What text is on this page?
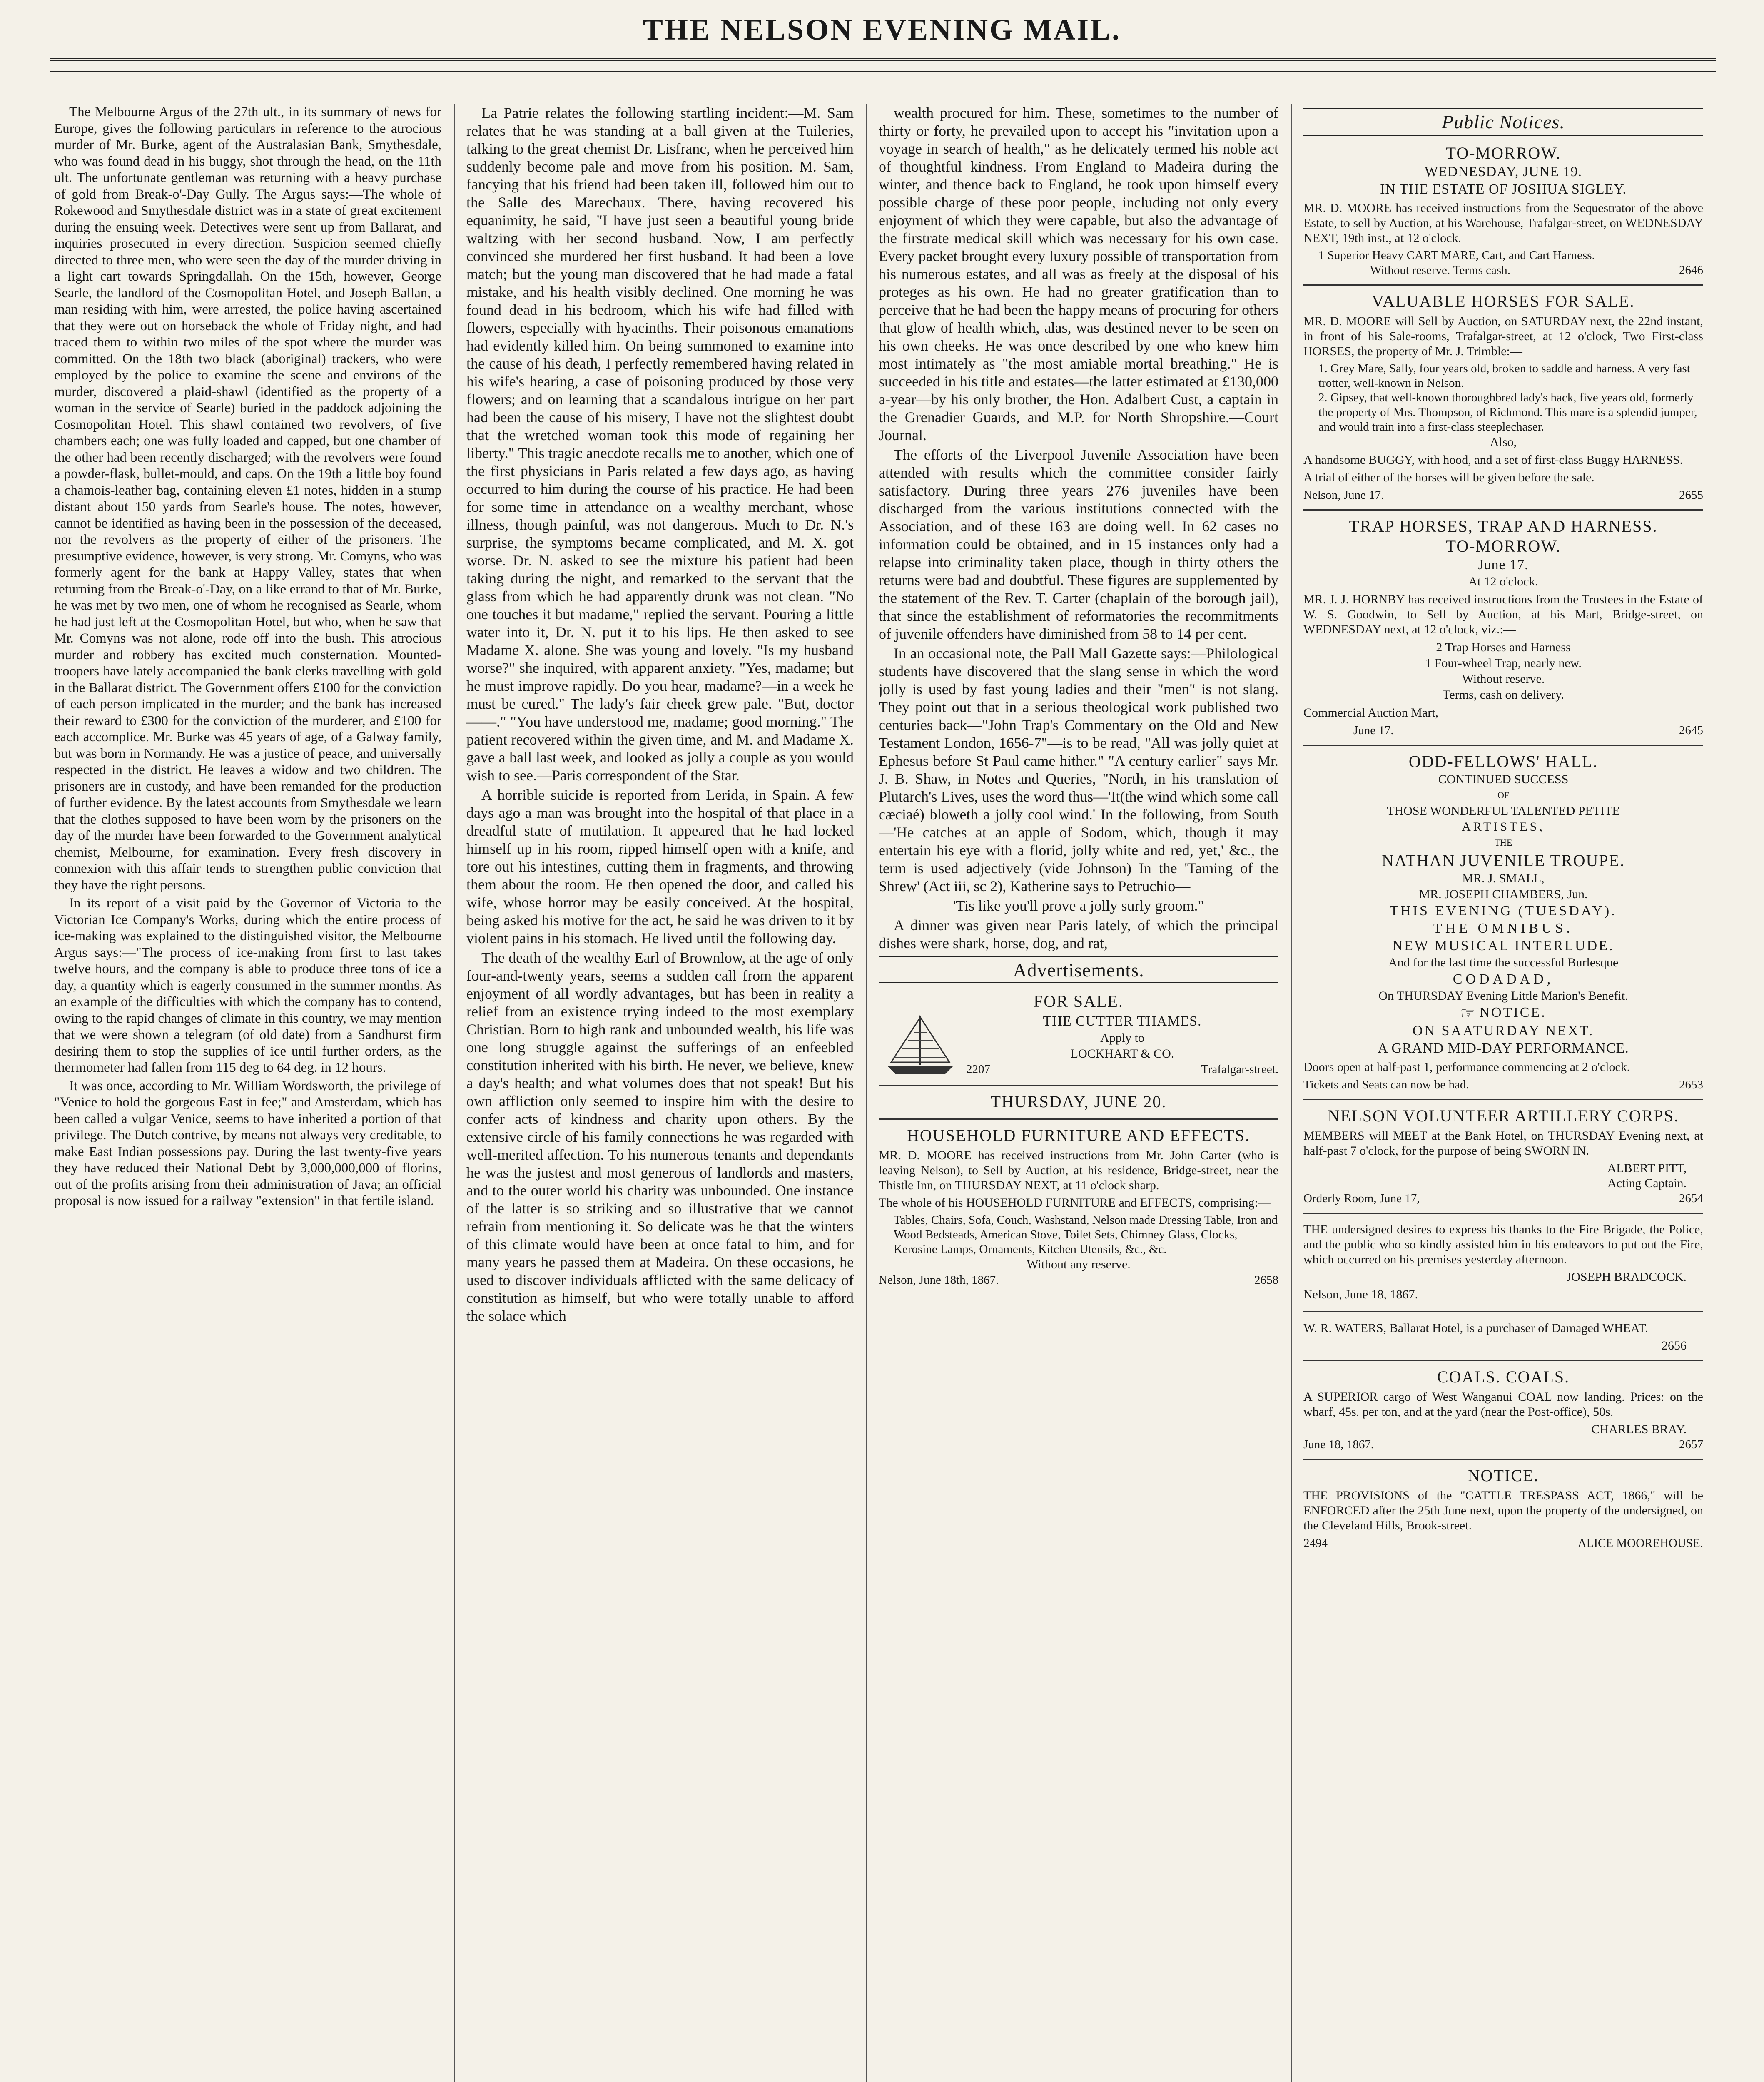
THE NELSON EVENING MAIL.

The Melbourne Argus of the 27th ult., in its summary of news for Europe, gives the following particulars in reference to the atrocious murder of Mr. Burke, agent of the Australasian Bank, Smythesdale, who was found dead in his buggy, shot through the head, on the 11th ult. The unfortunate gentleman was returning with a heavy purchase of gold from Break-o'-Day Gully. The Argus says:—The whole of Rokewood and Smythesdale district was in a state of great excitement during the ensuing week. Detectives were sent up from Ballarat, and inquiries prosecuted in every direction. Suspicion seemed chiefly directed to three men, who were seen the day of the murder driving in a light cart towards Springdallah. On the 15th, however, George Searle, the landlord of the Cosmopolitan Hotel, and Joseph Ballan, a man residing with him, were arrested, the police having ascertained that they were out on horseback the whole of Friday night, and had traced them to within two miles of the spot where the murder was committed. On the 18th two black (aboriginal) trackers, who were employed by the police to examine the scene and environs of the murder, discovered a plaid-shawl (identified as the property of a woman in the service of Searle) buried in the paddock adjoining the Cosmopolitan Hotel. This shawl contained two revolvers, of five chambers each; one was fully loaded and capped, but one chamber of the other had been recently discharged; with the revolvers were found a powder-flask, bullet-mould, and caps. On the 19th a little boy found a chamois-leather bag, containing eleven £1 notes, hidden in a stump distant about 150 yards from Searle's house. The notes, however, cannot be identified as having been in the possession of the deceased, nor the revolvers as the property of either of the prisoners. The presumptive evidence, however, is very strong. Mr. Comyns, who was formerly agent for the bank at Happy Valley, states that when returning from the Break-o'-Day, on a like errand to that of Mr. Burke, he was met by two men, one of whom he recognised as Searle, whom he had just left at the Cosmopolitan Hotel, but who, when he saw that Mr. Comyns was not alone, rode off into the bush. This atrocious murder and robbery has excited much consternation. Mounted-troopers have lately accompanied the bank clerks travelling with gold in the Ballarat district. The Government offers £100 for the conviction of each person implicated in the murder; and the bank has increased their reward to £300 for the conviction of the murderer, and £100 for each accomplice. Mr. Burke was 45 years of age, of a Galway family, but was born in Normandy. He was a justice of peace, and universally respected in the district. He leaves a widow and two children. The prisoners are in custody, and have been remanded for the production of further evidence. By the latest accounts from Smythesdale we learn that the clothes supposed to have been worn by the prisoners on the day of the murder have been forwarded to the Government analytical chemist, Melbourne, for examination. Every fresh discovery in connexion with this affair tends to strengthen public conviction that they have the right persons.

In its report of a visit paid by the Governor of Victoria to the Victorian Ice Company's Works, during which the entire process of ice-making was explained to the distinguished visitor, the Melbourne Argus says:—"The process of ice-making from first to last takes twelve hours, and the company is able to produce three tons of ice a day, a quantity which is eagerly consumed in the summer months. As an example of the difficulties with which the company has to contend, owing to the rapid changes of climate in this country, we may mention that we were shown a telegram (of old date) from a Sandhurst firm desiring them to stop the supplies of ice until further orders, as the thermometer had fallen from 115 deg to 64 deg. in 12 hours.

It was once, according to Mr. William Wordsworth, the privilege of "Venice to hold the gorgeous East in fee;" and Amsterdam, which has been called a vulgar Venice, seems to have inherited a portion of that privilege. The Dutch contrive, by means not always very creditable, to make East Indian possessions pay. During the last twenty-five years they have reduced their National Debt by 3,000,000,000 of florins, out of the profits arising from their administration of Java; an official proposal is now issued for a railway "extension" in that fertile island.

La Patrie relates the following startling incident:—M. Sam relates that he was standing at a ball given at the Tuileries, talking to the great chemist Dr. Lisfranc, when he perceived him suddenly become pale and move from his position. M. Sam, fancying that his friend had been taken ill, followed him out to the Salle des Marechaux. There, having recovered his equanimity, he said, "I have just seen a beautiful young bride waltzing with her second husband. Now, I am perfectly convinced she murdered her first husband. It had been a love match; but the young man discovered that he had made a fatal mistake, and his health visibly declined. One morning he was found dead in his bedroom, which his wife had filled with flowers, especially with hyacinths. Their poisonous emanations had evidently killed him. On being summoned to examine into the cause of his death, I perfectly remembered having related in his wife's hearing, a case of poisoning produced by those very flowers; and on learning that a scandalous intrigue on her part had been the cause of his misery, I have not the slightest doubt that the wretched woman took this mode of regaining her liberty." This tragic anecdote recalls me to another, which one of the first physicians in Paris related a few days ago, as having occurred to him during the course of his practice. He had been for some time in attendance on a wealthy merchant, whose illness, though painful, was not dangerous. Much to Dr. N.'s surprise, the symptoms became complicated, and M. X. got worse. Dr. N. asked to see the mixture his patient had been taking during the night, and remarked to the servant that the glass from which he had apparently drunk was not clean. "No one touches it but madame," replied the servant. Pouring a little water into it, Dr. N. put it to his lips. He then asked to see Madame X. alone. She was young and lovely. "Is my husband worse?" she inquired, with apparent anxiety. "Yes, madame; but he must improve rapidly. Do you hear, madame?—in a week he must be cured." The lady's fair cheek grew pale. "But, doctor——." "You have understood me, madame; good morning." The patient recovered within the given time, and M. and Madame X. gave a ball last week, and looked as jolly a couple as you would wish to see.—Paris correspondent of the Star.

A horrible suicide is reported from Lerida, in Spain. A few days ago a man was brought into the hospital of that place in a dreadful state of mutilation. It appeared that he had locked himself up in his room, ripped himself open with a knife, and tore out his intestines, cutting them in fragments, and throwing them about the room. He then opened the door, and called his wife, whose horror may be easily conceived. At the hospital, being asked his motive for the act, he said he was driven to it by violent pains in his stomach. He lived until the following day.

The death of the wealthy Earl of Brownlow, at the age of only four-and-twenty years, seems a sudden call from the apparent enjoyment of all wordly advantages, but has been in reality a relief from an existence trying indeed to the most exemplary Christian. Born to high rank and unbounded wealth, his life was one long struggle against the sufferings of an enfeebled constitution inherited with his birth. He never, we believe, knew a day's health; and what volumes does that not speak! But his own affliction only seemed to inspire him with the desire to confer acts of kindness and charity upon others. By the extensive circle of his family connections he was regarded with well-merited affection. To his numerous tenants and dependants he was the justest and most generous of landlords and masters, and to the outer world his charity was unbounded. One instance of the latter is so striking and so illustrative that we cannot refrain from mentioning it. So delicate was he that the winters of this climate would have been at once fatal to him, and for many years he passed them at Madeira. On these occasions, he used to discover individuals afflicted with the same delicacy of constitution as himself, but who were totally unable to afford the solace which

wealth procured for him. These, sometimes to the number of thirty or forty, he prevailed upon to accept his "invitation upon a voyage in search of health," as he delicately termed his noble act of thoughtful kindness. From England to Madeira during the winter, and thence back to England, he took upon himself every possible charge of these poor people, including not only every enjoyment of which they were capable, but also the advantage of the firstrate medical skill which was necessary for his own case. Every packet brought every luxury possible of transportation from his numerous estates, and all was as freely at the disposal of his proteges as his own. He had no greater gratification than to perceive that he had been the happy means of procuring for others that glow of health which, alas, was destined never to be seen on his own cheeks. He was once described by one who knew him most intimately as "the most amiable mortal breathing." He is succeeded in his title and estates—the latter estimated at £130,000 a-year—by his only brother, the Hon. Adalbert Cust, a captain in the Grenadier Guards, and M.P. for North Shropshire.—Court Journal.

The efforts of the Liverpool Juvenile Association have been attended with results which the committee consider fairly satisfactory. During three years 276 juveniles have been discharged from the various institutions connected with the Association, and of these 163 are doing well. In 62 cases no information could be obtained, and in 15 instances only had a relapse into criminality taken place, though in thirty others the returns were bad and doubtful. These figures are supplemented by the statement of the Rev. T. Carter (chaplain of the borough jail), that since the establishment of reformatories the recommitments of juvenile offenders have diminished from 58 to 14 per cent.

In an occasional note, the Pall Mall Gazette says:—Philological students have discovered that the slang sense in which the word jolly is used by fast young ladies and their "men" is not slang. They point out that in a serious theological work published two centuries back—"John Trap's Commentary on the Old and New Testament London, 1656-7"—is to be read, "All was jolly quiet at Ephesus before St Paul came hither." "A century earlier" says Mr. J. B. Shaw, in Notes and Queries, "North, in his translation of Plutarch's Lives, uses the word thus—'It(the wind which some call cæciaé) bloweth a jolly cool wind.' In the following, from South—'He catches at an apple of Sodom, which, though it may entertain his eye with a florid, jolly white and red, yet,' &c., the term is used adjectively (vide Johnson) In the 'Taming of the Shrew' (Act iii, sc 2), Katherine says to Petruchio—

'Tis like you'll prove a jolly surly groom."

A dinner was given near Paris lately, of which the principal dishes were shark, horse, dog, and rat,

Advertisements.
FOR SALE.
THE CUTTER THAMES.
Apply to
LOCKHART & CO.
2207	Trafalgar-street.
THURSDAY, JUNE 20.
HOUSEHOLD FURNITURE AND EFFECTS.
MR. D. MOORE has received instructions from Mr. John Carter (who is leaving Nelson), to Sell by Auction, at his residence, Bridge-street, near the Thistle Inn, on THURSDAY NEXT, at 11 o'clock sharp.
The whole of his HOUSEHOLD FURNITURE and EFFECTS, comprising:—
Tables, Chairs, Sofa, Couch, Washstand, Nelson made Dressing Table, Iron and Wood Bedsteads, American Stove, Toilet Sets, Chimney Glass, Clocks, Kerosine Lamps, Ornaments, Kitchen Utensils, &c., &c.
Without any reserve.
Nelson, June 18th, 1867.	2658
Public Notices.
TO-MORROW.
WEDNESDAY, JUNE 19.
IN THE ESTATE OF JOSHUA SIGLEY.
MR. D. MOORE has received instructions from the Sequestrator of the above Estate, to sell by Auction, at his Warehouse, Trafalgar-street, on WEDNESDAY NEXT, 19th inst., at 12 o'clock.
1 Superior Heavy CART MARE, Cart, and Cart Harness.
Without reserve. Terms cash.	2646
VALUABLE HORSES FOR SALE.
MR. D. MOORE will Sell by Auction, on SATURDAY next, the 22nd instant, in front of his Sale-rooms, Trafalgar-street, at 12 o'clock, Two First-class HORSES, the property of Mr. J. Trimble:—
1. Grey Mare, Sally, four years old, broken to saddle and harness. A very fast trotter, well-known in Nelson.
2. Gipsey, that well-known thoroughbred lady's hack, five years old, formerly the property of Mrs. Thompson, of Richmond. This mare is a splendid jumper, and would train into a first-class steeplechaser.
Also,
A handsome BUGGY, with hood, and a set of first-class Buggy HARNESS.
A trial of either of the horses will be given before the sale.
Nelson, June 17.	2655
TRAP HORSES, TRAP AND HARNESS.
TO-MORROW.
June 17.
At 12 o'clock.
MR. J. J. HORNBY has received instructions from the Trustees in the Estate of W. S. Goodwin, to Sell by Auction, at his Mart, Bridge-street, on WEDNESDAY next, at 12 o'clock, viz.:—
2 Trap Horses and Harness
1 Four-wheel Trap, nearly new.
Without reserve.
Terms, cash on delivery.
Commercial Auction Mart,
June 17.	2645
ODD-FELLOWS' HALL.
CONTINUED SUCCESS
OF
THOSE WONDERFUL TALENTED PETITE
ARTISTES,
THE
NATHAN JUVENILE TROUPE.
MR. J. SMALL,
MR. JOSEPH CHAMBERS, Jun.
THIS EVENING (TUESDAY).
THE OMNIBUS.
NEW MUSICAL INTERLUDE.
And for the last time the successful Burlesque
CODADAD,
On THURSDAY Evening Little Marion's Benefit.
☞ NOTICE.
ON SAATURDAY NEXT.
A GRAND MID-DAY PERFORMANCE.
Doors open at half-past 1, performance commencing at 2 o'clock.
Tickets and Seats can now be had.	2653
NELSON VOLUNTEER ARTILLERY CORPS.
MEMBERS will MEET at the Bank Hotel, on THURSDAY Evening next, at half-past 7 o'clock, for the purpose of being SWORN IN.
ALBERT PITT,
Acting Captain.
Orderly Room, June 17,	2654
THE undersigned desires to express his thanks to the Fire Brigade, the Police, and the public who so kindly assisted him in his endeavors to put out the Fire, which occurred on his premises yesterday afternoon.
JOSEPH BRADCOCK.
Nelson, June 18, 1867.
W. R. WATERS, Ballarat Hotel, is a purchaser of Damaged WHEAT.
2656
COALS. COALS.
A SUPERIOR cargo of West Wanganui COAL now landing. Prices: on the wharf, 45s. per ton, and at the yard (near the Post-office), 50s.
CHARLES BRAY.
June 18, 1867.	2657
NOTICE.
THE PROVISIONS of the "CATTLE TRESPASS ACT, 1866," will be ENFORCED after the 25th June next, upon the property of the undersigned, on the Cleveland Hills, Brook-street.
2494	ALICE MOOREHOUSE.
